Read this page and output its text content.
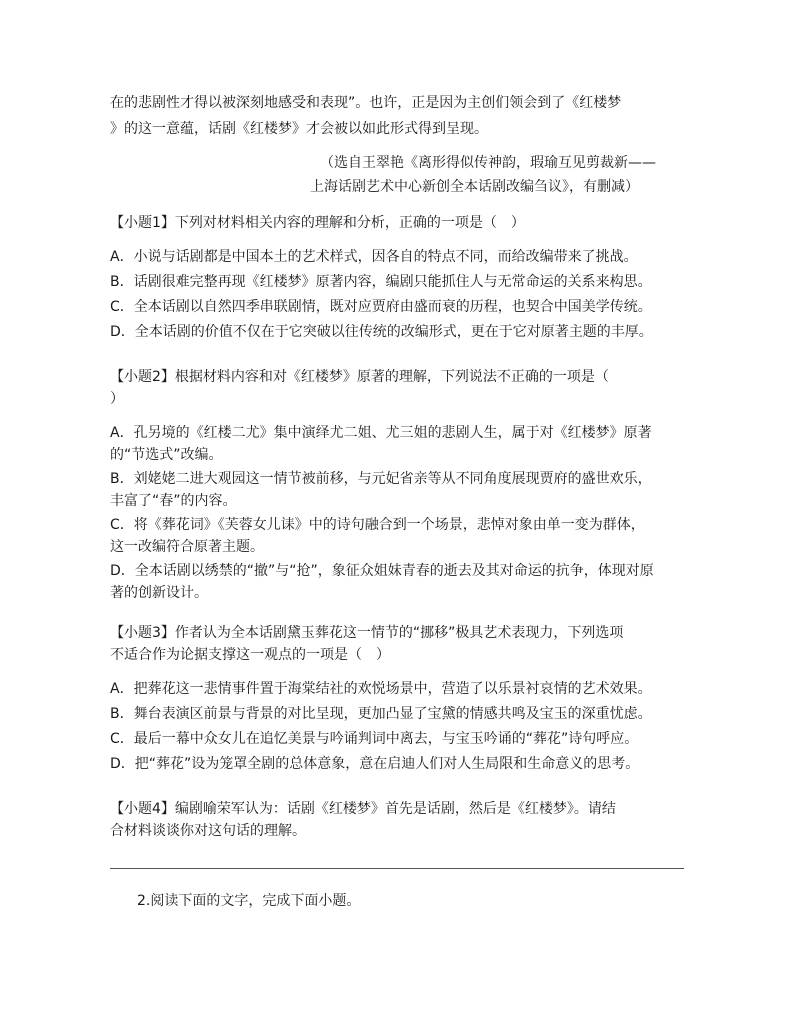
在的悲剧性才得以被深刻地感受和表现”。也许，正是因为主创们领会到了《红楼梦
》的这一意蕴，话剧《红楼梦》才会被以如此形式得到呈现。
（选自王翠艳《离形得似传神韵，瑕瑜互见剪裁新——
上海话剧艺术中心新创全本话剧改编刍议》，有删减）
【小题1】下列对材料相关内容的理解和分析，正确的一项是（　）
A．小说与话剧都是中国本土的艺术样式，因各自的特点不同，而给改编带来了挑战。
B．话剧很难完整再现《红楼梦》原著内容，编剧只能抓住人与无常命运的关系来构思。
C．全本话剧以自然四季串联剧情，既对应贾府由盛而衰的历程，也契合中国美学传统。
D．全本话剧的价值不仅在于它突破以往传统的改编形式，更在于它对原著主题的丰厚。
【小题2】根据材料内容和对《红楼梦》原著的理解，下列说法不正确的一项是（
）
A．孔另境的《红楼二尤》集中演绎尤二姐、尤三姐的悲剧人生，属于对《红楼梦》原著
的“节选式”改编。
B．刘姥姥二进大观园这一情节被前移，与元妃省亲等从不同角度展现贾府的盛世欢乐，
丰富了“春”的内容。
C．将《葬花词》《芙蓉女儿诔》中的诗句融合到一个场景，悲悼对象由单一变为群体，
这一改编符合原著主题。
D．全本话剧以绣禁的“撤”与“抢”，象征众姐妹青春的逝去及其对命运的抗争，体现对原
著的创新设计。
【小题3】作者认为全本话剧黛玉葬花这一情节的“挪移”极具艺术表现力，下列选项
不适合作为论据支撑这一观点的一项是（　）
A．把葬花这一悲情事件置于海棠结社的欢悦场景中，营造了以乐景衬哀情的艺术效果。
B．舞台表演区前景与背景的对比呈现，更加凸显了宝黛的情感共鸣及宝玉的深重忧虑。
C．最后一幕中众女儿在追忆美景与吟诵判词中离去，与宝玉吟诵的“葬花”诗句呼应。
D．把“葬花”设为笼罩全剧的总体意象，意在启迪人们对人生局限和生命意义的思考。
【小题4】编剧喻荣军认为：话剧《红楼梦》首先是话剧，然后是《红楼梦》。请结
合材料谈谈你对这句话的理解。
2.阅读下面的文字，完成下面小题。
